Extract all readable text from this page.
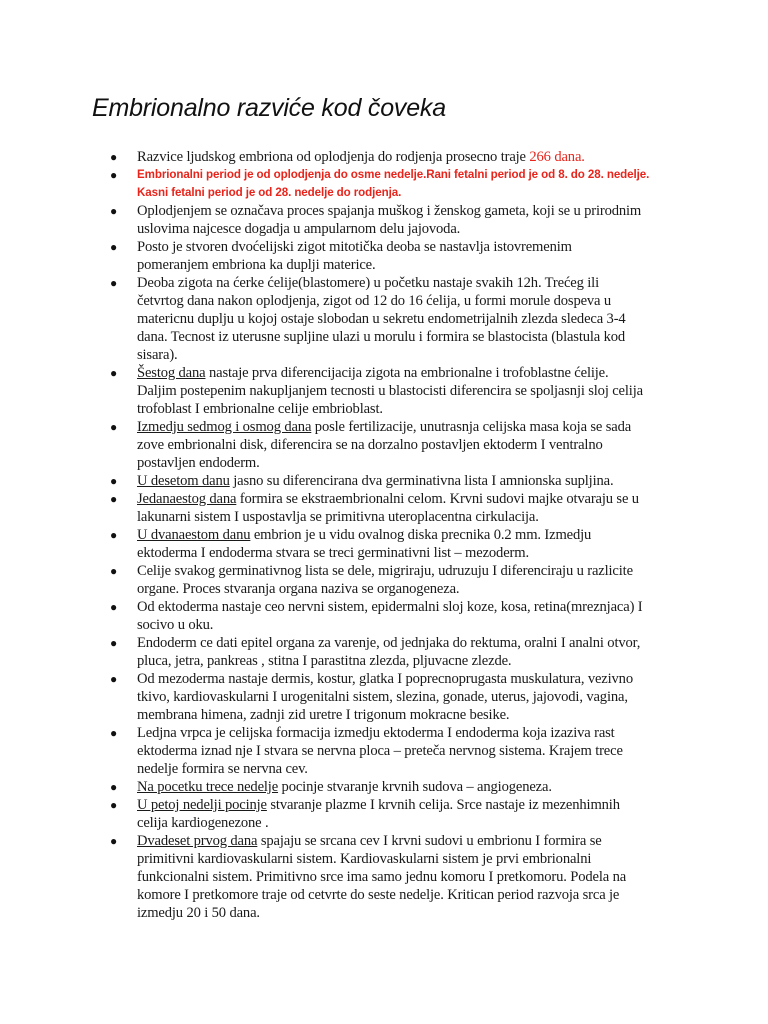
Embrionalno razviće kod čoveka
● Razvice ljudskog embriona od oplodjenja do rodjenja prosecno traje 266 dana.
● Embrionalni period je od oplodjenja do osme nedelje.Rani fetalni period je od 8. do 28. nedelje.
Kasni fetalni period je od 28. nedelje do rodjenja.
● Oplodjenjem se označava proces spajanja muškog i ženskog gameta, koji se u prirodnim
uslovima najcesce dogadja u ampularnom delu jajovoda.
● Posto je stvoren dvoćelijski zigot mitotička deoba se nastavlja istovremenim
pomeranjem embriona ka duplji materice.
● Deoba zigota na ćerke ćelije(blastomere) u početku nastaje svakih 12h. Trećeg ili
četvrtog dana nakon oplodjenja, zigot od 12 do 16 ćelija, u formi morule dospeva u
matericnu duplju u kojoj ostaje slobodan u sekretu endometrijalnih zlezda sledeca 3-4
dana. Tecnost iz uterusne supljine ulazi u morulu i formira se blastocista (blastula kod
sisara).
● Šestog dana nastaje prva diferencijacija zigota na embrionalne i trofoblastne ćelije.
Daljim postepenim nakupljanjem tecnosti u blastocisti diferencira se spoljasnji sloj celija
trofoblast I embrionalne celije embrioblast.
● Izmedju sedmog i osmog dana posle fertilizacije, unutrasnja celijska masa koja se sada
zove embrionalni disk, diferencira se na dorzalno postavljen ektoderm I ventralno
postavljen endoderm.
● U desetom danu jasno su diferencirana dva germinativna lista I amnionska supljina.
● Jedanaestog dana formira se ekstraembrionalni celom. Krvni sudovi majke otvaraju se u
lakunarni sistem I uspostavlja se primitivna uteroplacentna cirkulacija.
● U dvanaestom danu embrion je u vidu ovalnog diska precnika 0.2 mm. Izmedju
ektoderma I endoderma stvara se treci germinativni list – mezoderm.
● Celije svakog germinativnog lista se dele, migriraju, udruzuju I diferenciraju u razlicite
organe. Proces stvaranja organa naziva se organogeneza.
● Od ektoderma nastaje ceo nervni sistem, epidermalni sloj koze, kosa, retina(mreznjaca) I
socivo u oku.
● Endoderm ce dati epitel organa za varenje, od jednjaka do rektuma, oralni I analni otvor,
pluca, jetra, pankreas , stitna I parastitna zlezda, pljuvacne zlezde.
● Od mezoderma nastaje dermis, kostur, glatka I poprecnoprugasta muskulatura, vezivno
tkivo, kardiovaskularni I urogenitalni sistem, slezina, gonade, uterus, jajovodi, vagina,
membrana himena, zadnji zid uretre I trigonum mokracne besike.
● Ledjna vrpca je celijska formacija izmedju ektoderma I endoderma koja izaziva rast
ektoderma iznad nje I stvara se nervna ploca – preteča nervnog sistema. Krajem trece
nedelje formira se nervna cev.
● Na pocetku trece nedelje pocinje stvaranje krvnih sudova – angiogeneza.
● U petoj nedelji pocinje stvaranje plazme I krvnih celija. Srce nastaje iz mezenhimnih
celija kardiogenezone .
● Dvadeset prvog dana spajaju se srcana cev I krvni sudovi u embrionu I formira se
primitivni kardiovaskularni sistem. Kardiovaskularni sistem je prvi embrionalni
funkcionalni sistem. Primitivno srce ima samo jednu komoru I pretkomoru. Podela na
komore I pretkomore traje od cetvrte do seste nedelje. Kritican period razvoja srca je
izmedju 20 i 50 dana.
